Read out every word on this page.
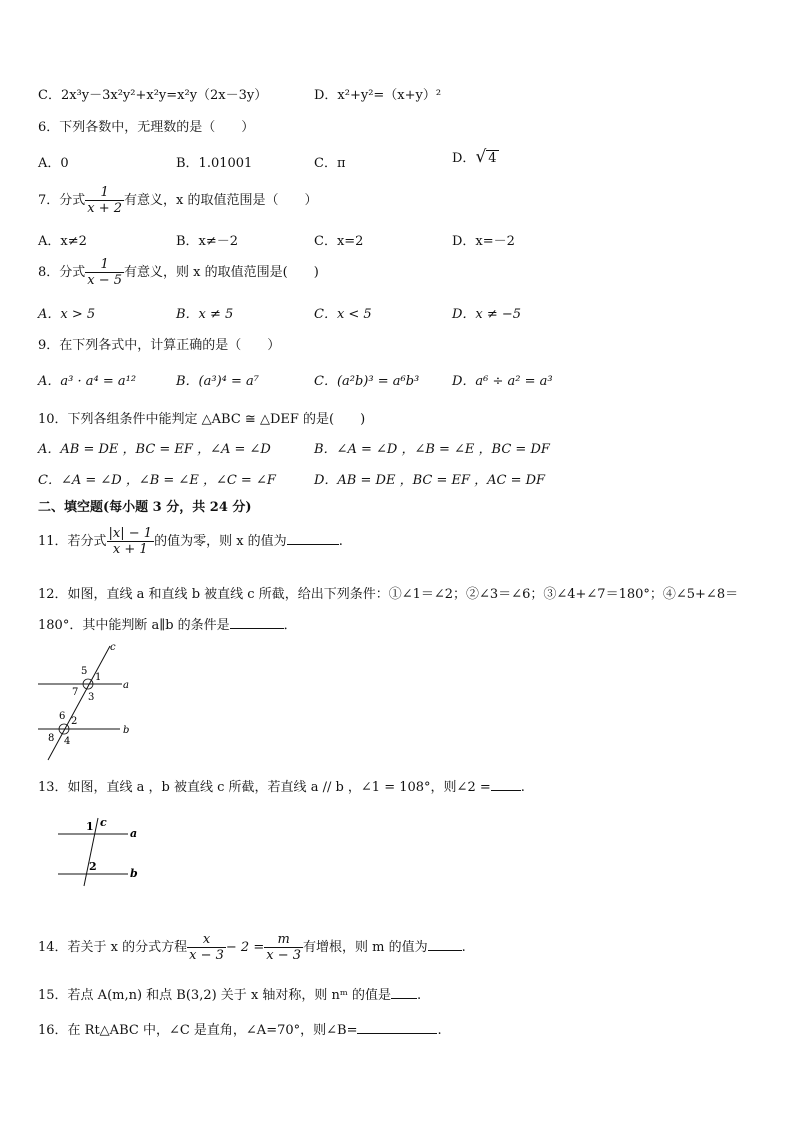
C．2x³y－3x²y²+x²y=x²y（2x－3y）	D．x²+y²=（x+y）²
6．下列各数中，无理数的是（　　）
A．0	B．1.01001	C．π	D．√ 4
7．分式 $\frac{1}{x + 2}$ 有意义，x 的取值范围是（　　）
A．x≠2	B．x≠－2	C．x=2	D．x=－2
8．分式 $\frac{1}{x - 5}$ 有意义，则 x 的取值范围是(　　)
A．x > 5	B．x ≠ 5	C．x < 5	D．x ≠ −5
9．在下列各式中，计算正确的是（　　）
A．a³ · a⁴ = a¹²	B．(a³)⁴ = a⁷	C．(a²b)³ = a⁶b³	D．a⁶ ÷ a² = a³
10．下列各组条件中能判定 △ABC ≅ △DEF 的是(　　)
A．AB = DE ，BC = EF ，∠A = ∠D	B．∠A = ∠D ，∠B = ∠E ，BC = DF
C．∠A = ∠D ，∠B = ∠E ，∠C = ∠F	D．AB = DE ，BC = EF ，AC = DF
二、填空题(每小题 3 分，共 24 分)
11．若分式 $\frac{|x| - 1}{x + 1}$ 的值为零，则 x 的值为	.
12．如图，直线 a 和直线 b 被直线 c 所截，给出下列条件：①∠1＝∠2；②∠3＝∠6；③∠4+∠7＝180°；④∠5+∠8＝
180°．其中能判断 a∥b 的条件是	．
c
5
1
a
7 3
6 2
b
8 4
13．如图，直线 a ，b 被直线 c 所截，若直线 a // b ，∠1 = 108°，则∠2 = .
1 c
a
2
b
14．若关于 x 的分式方程 $\frac{x}{x - 3} - 2 = \frac{m}{x - 3}$ 有增根，则 m 的值为	.
15．若点 A(m,n) 和点 B(3,2) 关于 x 轴对称，则 nᵐ 的值是 .
16．在 Rt△ABC 中，∠C 是直角，∠A=70°，则∠B=	.
